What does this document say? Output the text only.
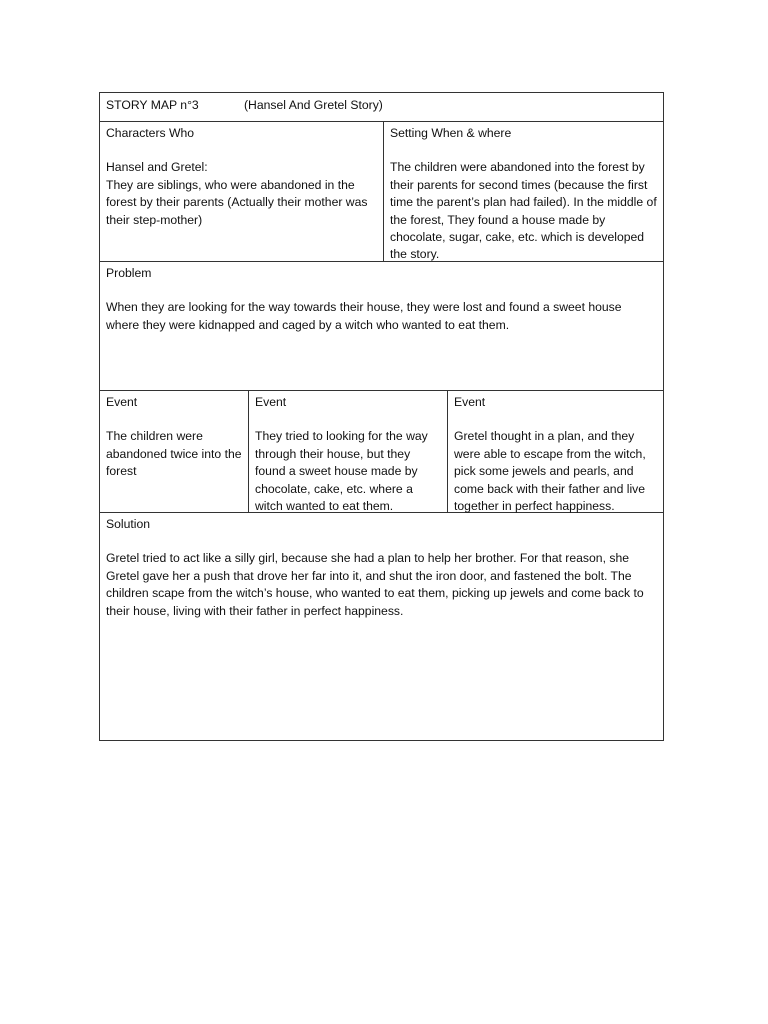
STORY MAP n°3	(Hansel And Gretel Story)
Characters Who
Hansel and Gretel:
They are siblings, who were abandoned in the forest by their parents (Actually their mother was their step-mother)
Setting When & where
The children were abandoned into the forest by their parents for second times (because the first time the parent’s plan had failed). In the middle of the forest, They found a house made by chocolate, sugar, cake, etc. which is developed the story.
Problem
When they are looking for the way towards their house, they were lost and found a sweet house where they were kidnapped and caged by a witch who wanted to eat them.
Event
The children were abandoned twice into the forest
Event
They tried to looking for the way through their house, but they found a sweet house made by chocolate, cake, etc. where a witch wanted to eat them.
Event
Gretel thought in a plan, and they were able to escape from the witch, pick some jewels and pearls, and come back with their father and live together in perfect happiness.
Solution
Gretel tried to act like a silly girl, because she had a plan to help her brother. For that reason, she Gretel gave her a push that drove her far into it, and shut the iron door, and fastened the bolt. The children scape from the witch’s house, who wanted to eat them, picking up jewels and come back to their house, living with their father in perfect happiness.
